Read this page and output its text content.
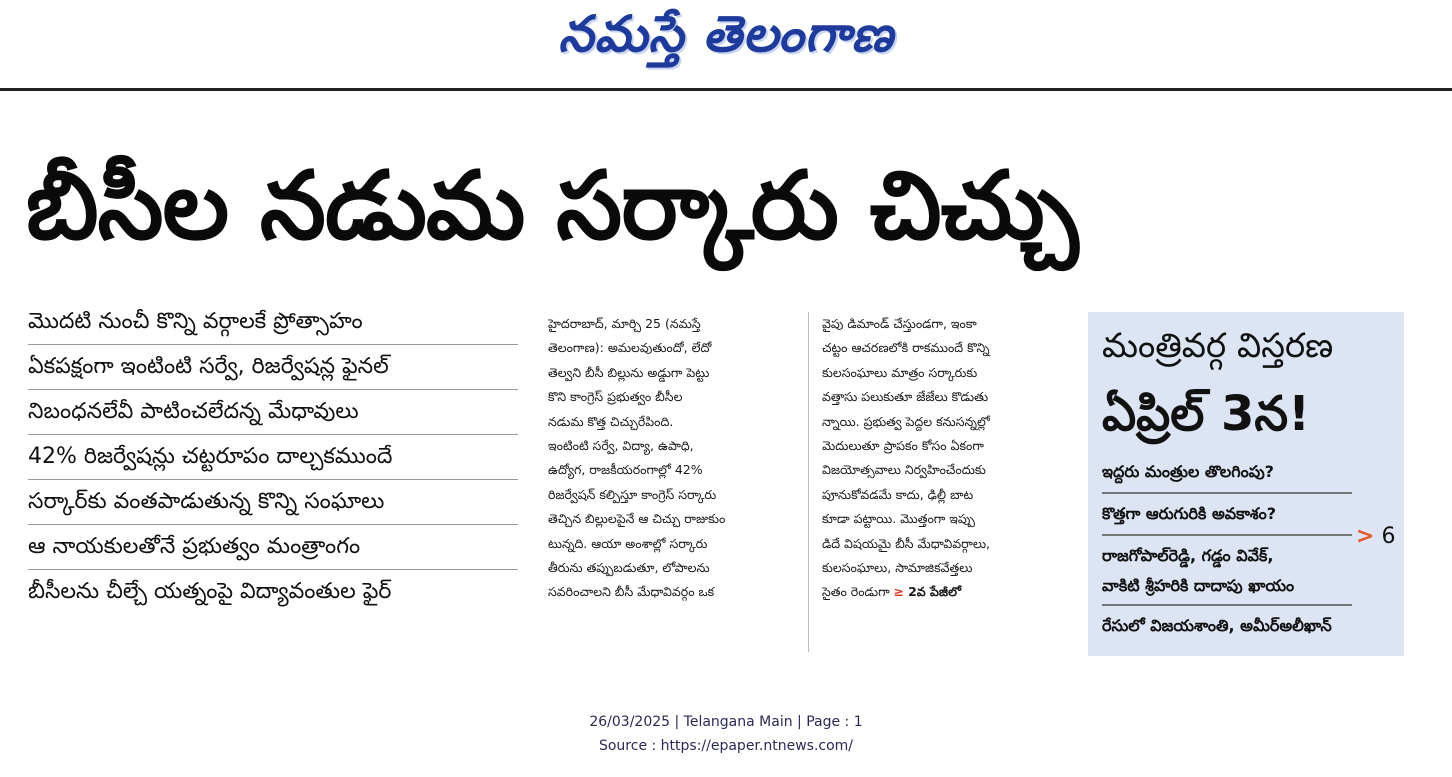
నమస్తే తెలంగాణ
బీసీల నడుమ సర్కారు చిచ్చు
మొదటి నుంచీ కొన్ని వర్గాలకే ప్రోత్సాహం
ఏకపక్షంగా ఇంటింటి సర్వే, రిజర్వేషన్ల ఫైనల్
నిబంధనలేవీ పాటించలేదన్న మేధావులు
42% రిజర్వేషన్లు చట్టరూపం దాల్చకముందే
సర్కార్‌కు వంతపాడుతున్న కొన్ని సంఘాలు
ఆ నాయకులతోనే ప్రభుత్వం మంత్రాంగం
బీసీలను చీల్చే యత్నంపై విద్యావంతుల ఫైర్
హైదరాబాద్, మార్చి 25 (నమస్తే
తెలంగాణ): అమలవుతుందో, లేదో
తెల్వని బీసీ బిల్లును అడ్డుగా పెట్టు
కొని కాంగ్రెస్ ప్రభుత్వం బీసీల
నడుమ కొత్త చిచ్చురేపింది.
ఇంటింటి సర్వే, విద్యా, ఉపాధి,
ఉద్యోగ, రాజకీయరంగాల్లో 42%
రిజర్వేషన్ కల్పిస్తూ కాంగ్రెస్ సర్కారు
తెచ్చిన బిల్లులపైనే ఆ చిచ్చు రాజుకుం
టున్నది. ఆయా అంశాల్లో సర్కారు
తీరును తప్పుబడుతూ, లోపాలను
సవరించాలని బీసీ మేధావివర్గం ఒక
వైపు డిమాండ్ చేస్తుండగా, ఇంకా
చట్టం ఆచరణలోకి రాకముందే కొన్ని
కులసంఘాలు మాత్రం సర్కారుకు
వత్తాసు పలుకుతూ జేజేలు కొడుతు
న్నాయి. ప్రభుత్వ పెద్దల కనుసన్నల్లో
మెదులుతూ ప్రాపకం కోసం ఏకంగా
విజయోత్సవాలు నిర్వహించేందుకు
పూనుకోవడమే కాదు, ఢిల్లీ బాట
కూడా పట్టాయి. మొత్తంగా ఇప్పు
డిదే విషయమై బీసీ మేధావివర్గాలు,
కులసంఘాలు, సామాజికవేత్తలు
సైతం రెండుగా ≥ 2వ పేజీలో
మంత్రివర్గ విస్తరణ
ఏప్రిల్ 3న!
ఇద్దరు మంత్రుల తొలగింపు?
కొత్తగా ఆరుగురికి అవకాశం?
రాజగోపాల్‌రెడ్డి, గడ్డం వివేక్,
వాకిటి శ్రీహరికి దాదాపు ఖాయం
రేసులో విజయశాంతి, అమీర్‌అలీఖాన్
> 6
26/03/2025 | Telangana Main | Page : 1
Source : https://epaper.ntnews.com/
